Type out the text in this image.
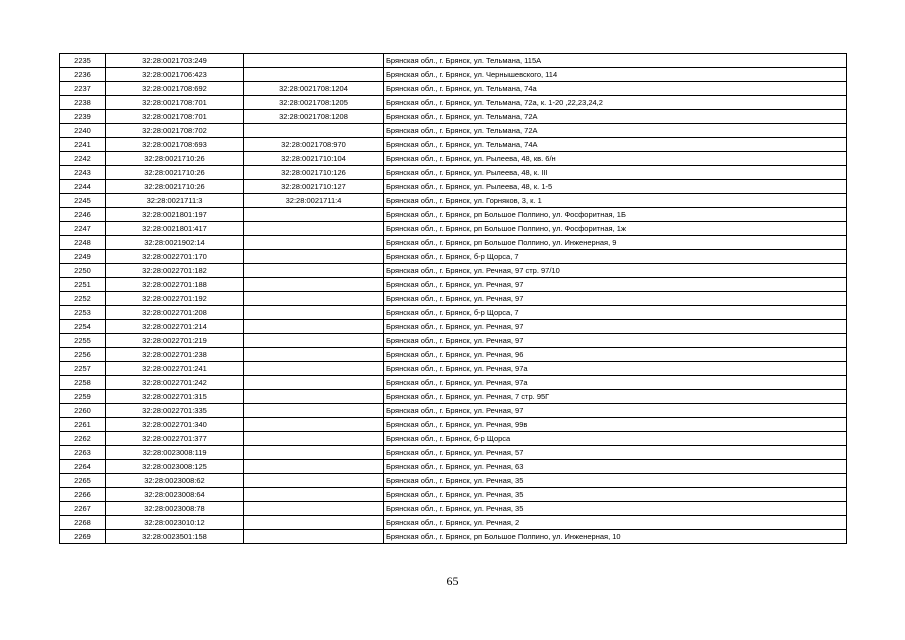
2235	32:28:0021703:249		Брянская обл., г. Брянск, ул. Тельмана, 115А
2236	32:28:0021706:423		Брянская обл., г. Брянск, ул. Чернышевского, 114
2237	32:28:0021708:692	32:28:0021708:1204	Брянская обл., г. Брянск, ул. Тельмана, 74а
2238	32:28:0021708:701	32:28:0021708:1205	Брянская обл., г. Брянск, ул. Тельмана, 72а, к. 1-20 ,22,23,24,2
2239	32:28:0021708:701	32:28:0021708:1208	Брянская обл., г. Брянск, ул. Тельмана, 72А
2240	32:28:0021708:702		Брянская обл., г. Брянск, ул. Тельмана, 72А
2241	32:28:0021708:693	32:28:0021708:970	Брянская обл., г. Брянск, ул. Тельмана, 74А
2242	32:28:0021710:26	32:28:0021710:104	Брянская обл., г. Брянск, ул. Рылеева, 48, кв. 6/н
2243	32:28:0021710:26	32:28:0021710:126	Брянская обл., г. Брянск, ул. Рылеева, 48, к. III
2244	32:28:0021710:26	32:28:0021710:127	Брянская обл., г. Брянск, ул. Рылеева, 48, к. 1-5
2245	32:28:0021711:3	32:28:0021711:4	Брянская обл., г. Брянск, ул. Горняков, 3, к. 1
2246	32:28:0021801:197		Брянская обл., г. Брянск, рп Большое Полпино, ул. Фосфоритная, 1Б
2247	32:28:0021801:417		Брянская обл., г. Брянск, рп Большое Полпино, ул. Фосфоритная, 1ж
2248	32:28:0021902:14		Брянская обл., г. Брянск, рп Большое Полпино, ул. Инженерная, 9
2249	32:28:0022701:170		Брянская обл., г. Брянск, б-р Щорса, 7
2250	32:28:0022701:182		Брянская обл., г. Брянск, ул. Речная, 97 стр. 97/10
2251	32:28:0022701:188		Брянская обл., г. Брянск, ул. Речная, 97
2252	32:28:0022701:192		Брянская обл., г. Брянск, ул. Речная, 97
2253	32:28:0022701:208		Брянская обл., г. Брянск, б-р Щорса, 7
2254	32:28:0022701:214		Брянская обл., г. Брянск, ул. Речная, 97
2255	32:28:0022701:219		Брянская обл., г. Брянск, ул. Речная, 97
2256	32:28:0022701:238		Брянская обл., г. Брянск, ул. Речная, 96
2257	32:28:0022701:241		Брянская обл., г. Брянск, ул. Речная, 97а
2258	32:28:0022701:242		Брянская обл., г. Брянск, ул. Речная, 97а
2259	32:28:0022701:315		Брянская обл., г. Брянск, ул. Речная, 7 стр. 95Г
2260	32:28:0022701:335		Брянская обл., г. Брянск, ул. Речная, 97
2261	32:28:0022701:340		Брянская обл., г. Брянск, ул. Речная, 99в
2262	32:28:0022701:377		Брянская обл., г. Брянск, б-р Щорса
2263	32:28:0023008:119		Брянская обл., г. Брянск, ул. Речная, 57
2264	32:28:0023008:125		Брянская обл., г. Брянск, ул. Речная, 63
2265	32:28:0023008:62		Брянская обл., г. Брянск, ул. Речная, 35
2266	32:28:0023008:64		Брянская обл., г. Брянск, ул. Речная, 35
2267	32:28:0023008:78		Брянская обл., г. Брянск, ул. Речная, 35
2268	32:28:0023010:12		Брянская обл., г. Брянск, ул. Речная, 2
2269	32:28:0023501:158		Брянская обл., г. Брянск, рп Большое Полпино, ул. Инженерная, 10
65
